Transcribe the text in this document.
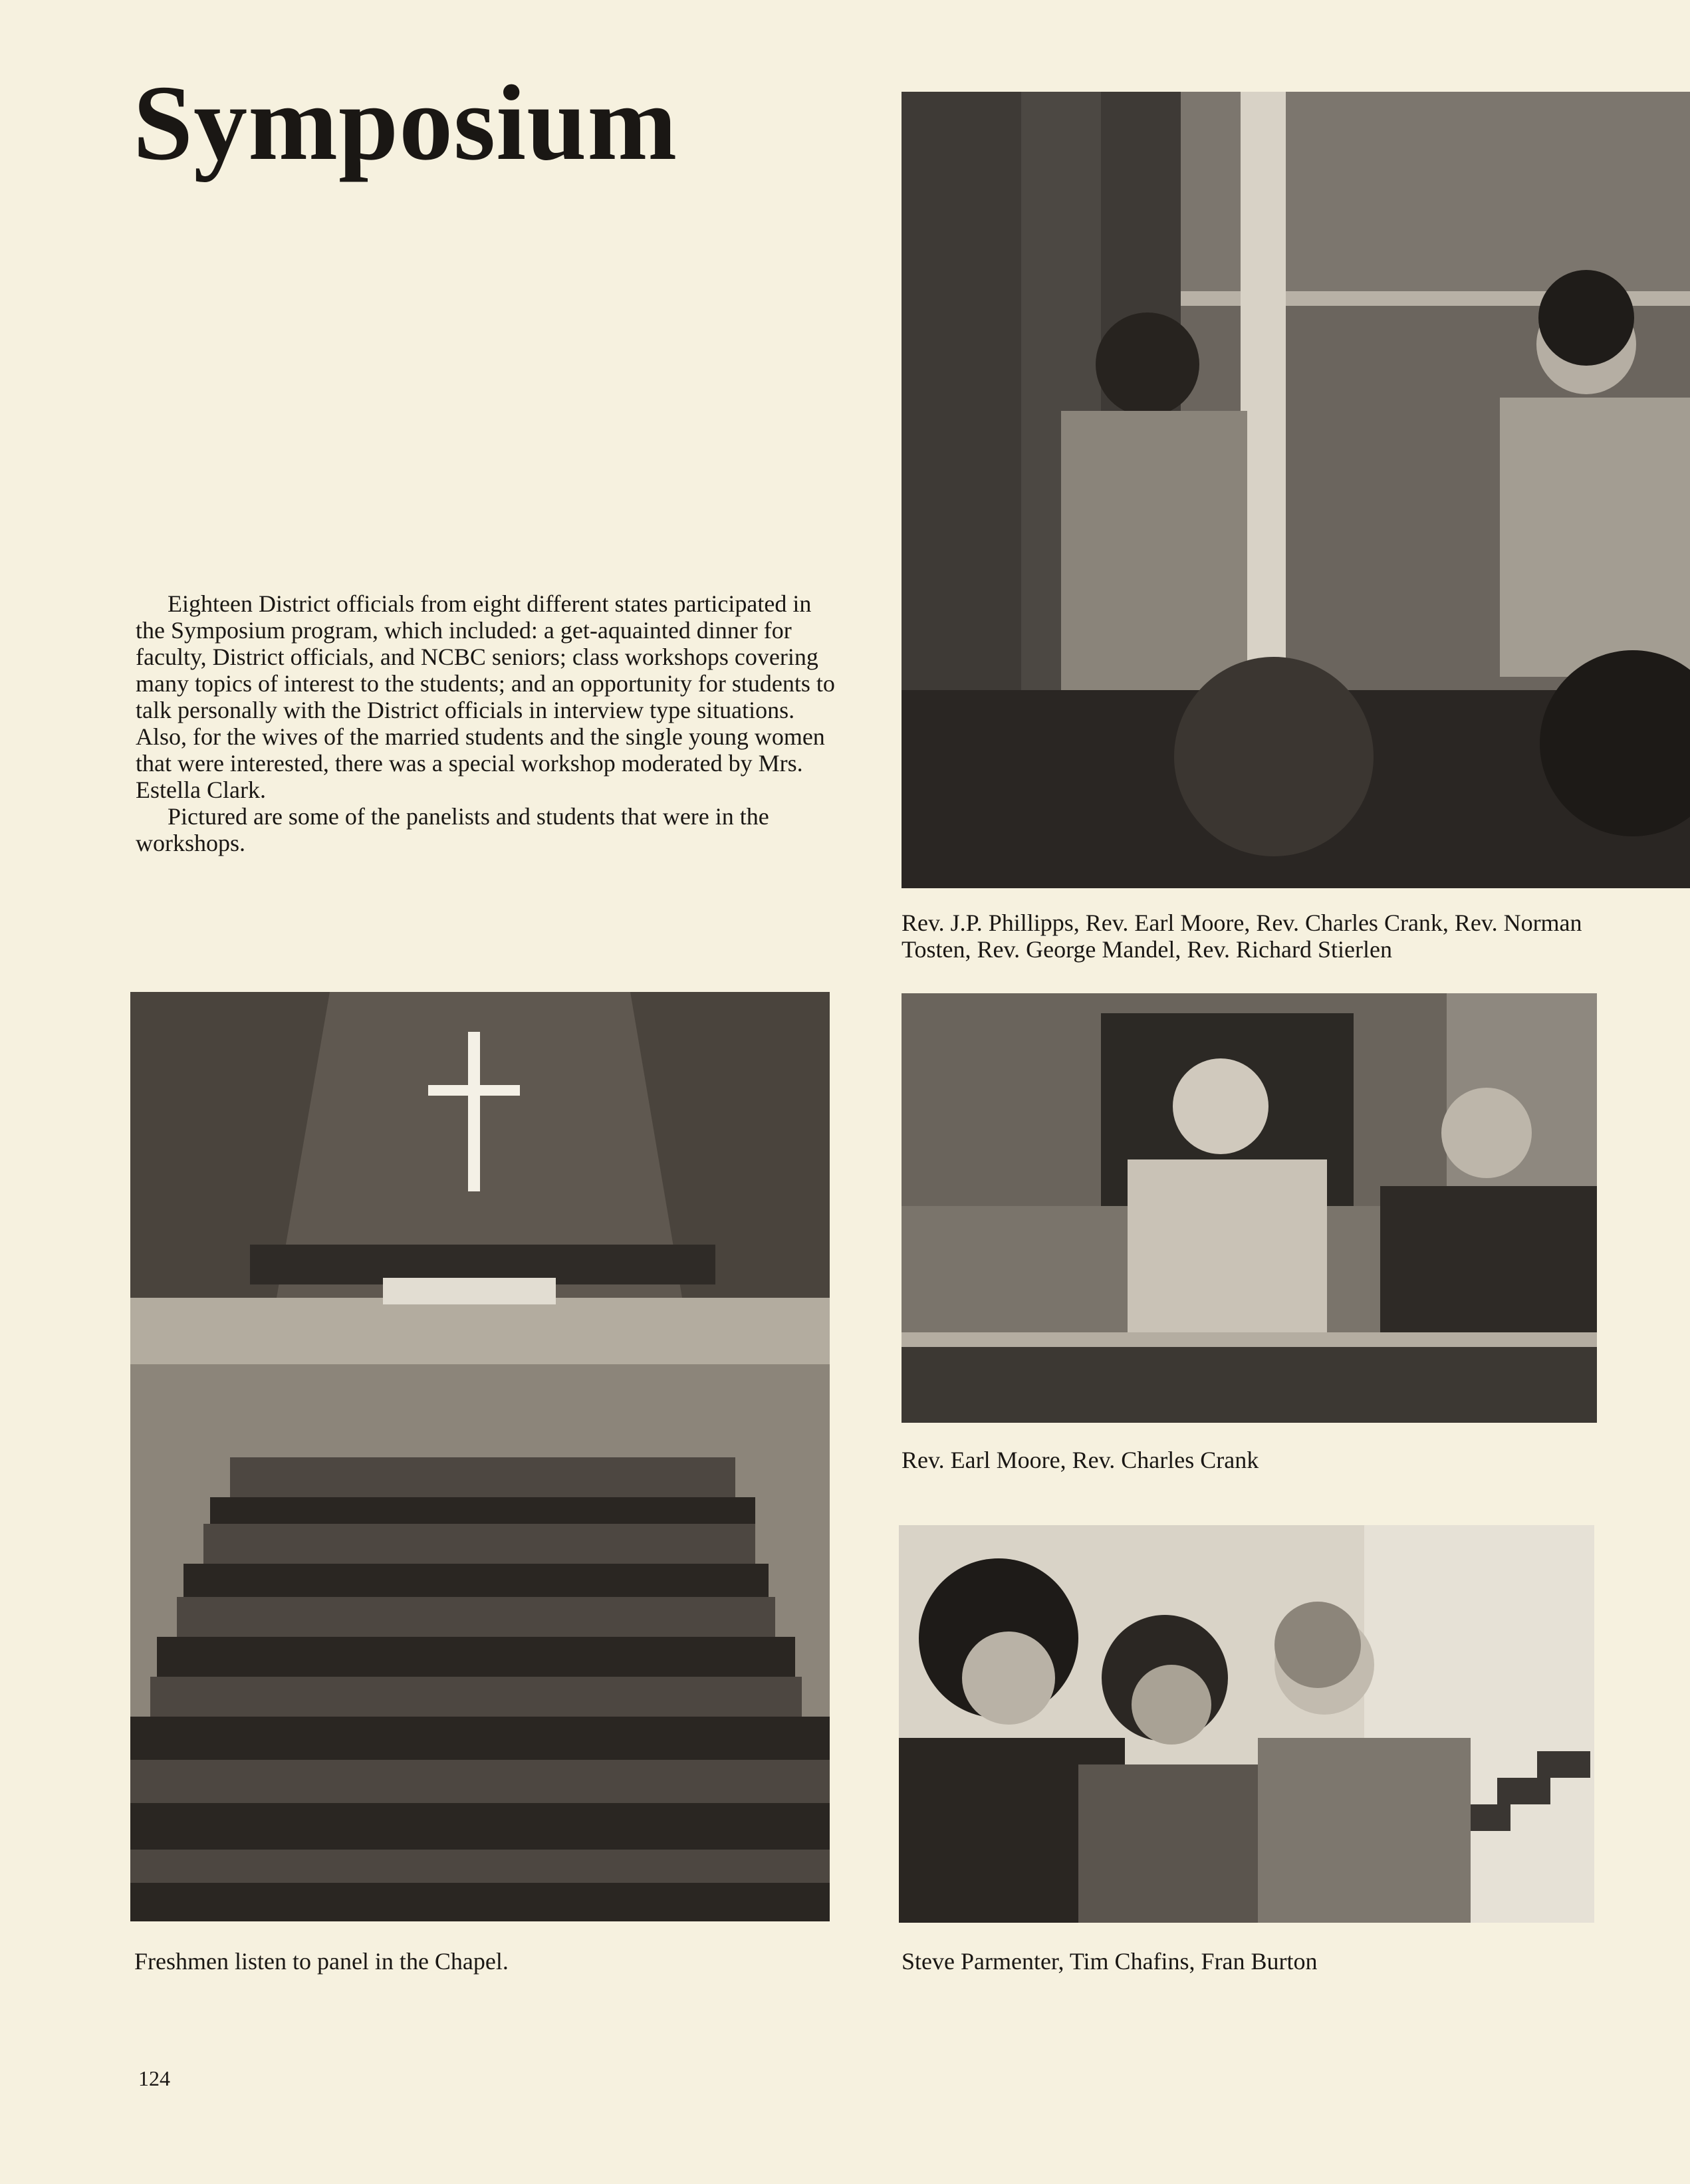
Symposium

Eighteen District officials from eight different states participated in the Symposium program, which included: a get-aquainted dinner for faculty, District officials, and NCBC seniors; class workshops covering many topics of interest to the students; and an opportunity for students to talk personally with the District officials in interview type situations. Also, for the wives of the married students and the single young women that were interested, there was a special workshop moderated by Mrs. Estella Clark.

Pictured are some of the panelists and students that were in the workshops.

Rev. J.P. Phillipps, Rev. Earl Moore, Rev. Charles Crank, Rev. Norman Tosten, Rev. George Mandel, Rev. Richard Stierlen
Freshmen listen to panel in the Chapel.
Rev. Earl Moore, Rev. Charles Crank
Steve Parmenter, Tim Chafins, Fran Burton
124
